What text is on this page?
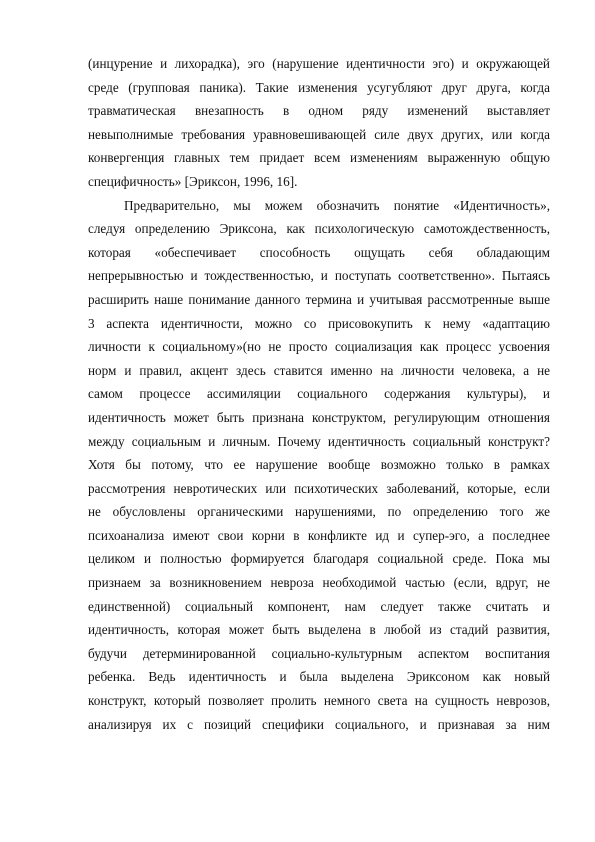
(инцурение и лихорадка), эго (нарушение идентичности эго) и окружающей
среде (групповая паника). Такие изменения усугубляют друг друга, когда
травматическая внезапность в одном ряду изменений выставляет
невыполнимые требования уравновешивающей силе двух других, или когда
конвергенция главных тем придает всем изменениям выраженную общую
специфичность» [Эриксон, 1996, 16].
Предварительно, мы можем обозначить понятие «Идентичность»,
следуя определению Эриксона, как психологическую самотождественность,
которая «обеспечивает способность ощущать себя обладающим
непрерывностью и тождественностью, и поступать соответственно». Пытаясь
расширить наше понимание данного термина и учитывая рассмотренные выше
3 аспекта идентичности, можно со присовокупить к нему «адаптацию
личности к социальному»(но не просто социализация как процесс усвоения
норм и правил, акцент здесь ставится именно на личности человека, а не
самом процессе ассимиляции социального содержания культуры), и
идентичность может быть признана конструктом, регулирующим отношения
между социальным и личным. Почему идентичность социальный конструкт?
Хотя бы потому, что ее нарушение вообще возможно только в рамках
рассмотрения невротических или психотических заболеваний, которые, если
не обусловлены органическими нарушениями, по определению того же
психоанализа имеют свои корни в конфликте ид и супер-эго, а последнее
целиком и полностью формируется благодаря социальной среде. Пока мы
признаем за возникновением невроза необходимой частью (если, вдруг, не
единственной) социальный компонент, нам следует также считать и
идентичность, которая может быть выделена в любой из стадий развития,
будучи детерминированной социально-культурным аспектом воспитания
ребенка. Ведь идентичность и была выделена Эриксоном как новый
конструкт, который позволяет пролить немного света на сущность неврозов,
анализируя их с позиций специфики социального, и признавая за ним
